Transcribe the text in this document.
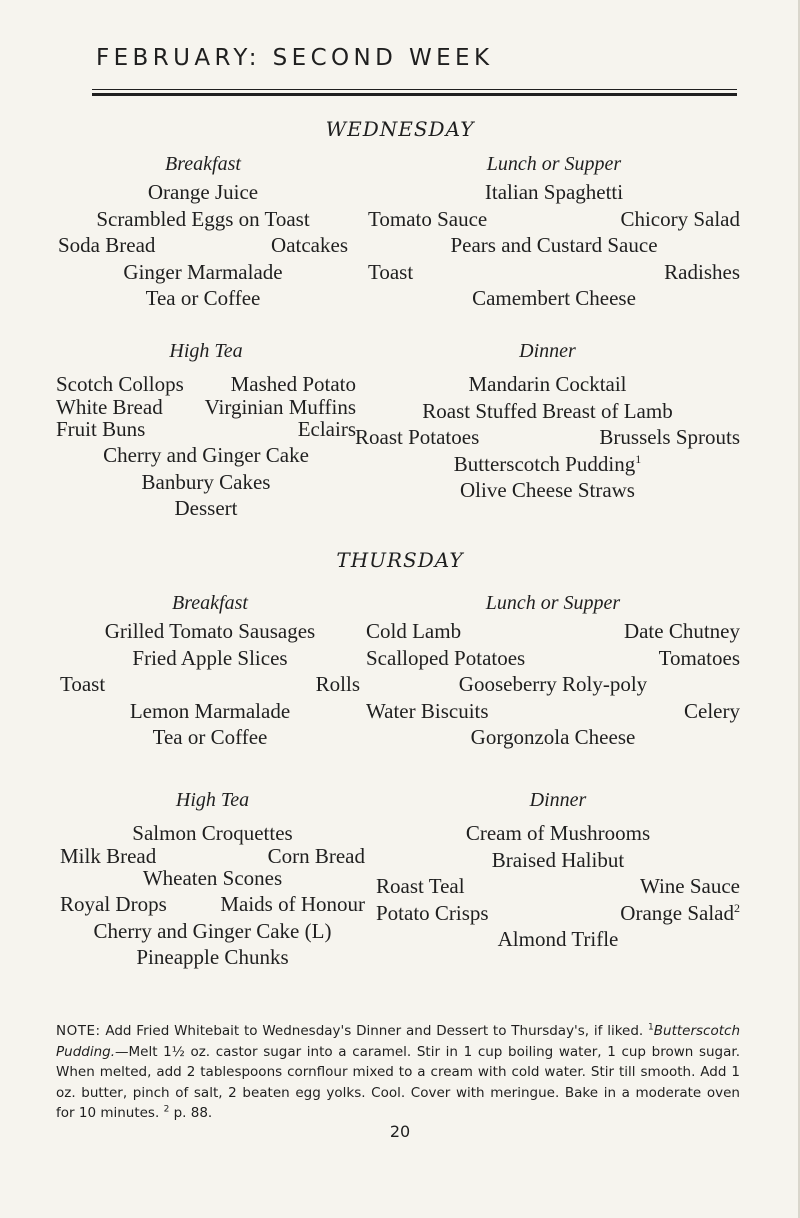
FEBRUARY: SECOND WEEK
WEDNESDAY
Breakfast
Orange Juice
Scrambled Eggs on Toast
Soda Bread	Oatcakes
Ginger Marmalade
Tea or Coffee
Lunch or Supper
Italian Spaghetti
Tomato Sauce	Chicory Salad
Pears and Custard Sauce
Toast	Radishes
Camembert Cheese
High Tea
Scotch Collops Mashed Potato
White Bread Virginian Muffins
Fruit Buns	Eclairs
Cherry and Ginger Cake
Banbury Cakes
Dessert
Dinner
Mandarin Cocktail
Roast Stuffed Breast of Lamb
Roast Potatoes	Brussels Sprouts
Butterscotch Pudding$^1$
Olive Cheese Straws
THURSDAY
Breakfast
Grilled Tomato Sausages
Fried Apple Slices
Toast	Rolls
Lemon Marmalade
Tea or Coffee
Lunch or Supper
Cold Lamb	Date Chutney
Scalloped Potatoes	Tomatoes
Gooseberry Roly-poly
Water Biscuits	Celery
Gorgonzola Cheese
High Tea
Salmon Croquettes
Milk Bread	Corn Bread
Wheaten Scones
Royal Drops	Maids of Honour
Cherry and Ginger Cake (L)
Pineapple Chunks
Dinner
Cream of Mushrooms
Braised Halibut
Roast Teal	Wine Sauce
Potato Crisps	Orange Salad$^2$
Almond Trifle
NOTE: Add Fried Whitebait to Wednesday's Dinner and Dessert to Thursday's, if liked. $^1$Butterscotch Pudding.—Melt 1½ oz. castor sugar into a caramel. Stir in 1 cup boiling water, 1 cup brown sugar. When melted, add 2 tablespoons cornflour mixed to a cream with cold water. Stir till smooth. Add 1 oz. butter, pinch of salt, 2 beaten egg yolks. Cool. Cover with meringue. Bake in a moderate oven for 10 minutes. $^2$ p. 88.
20
